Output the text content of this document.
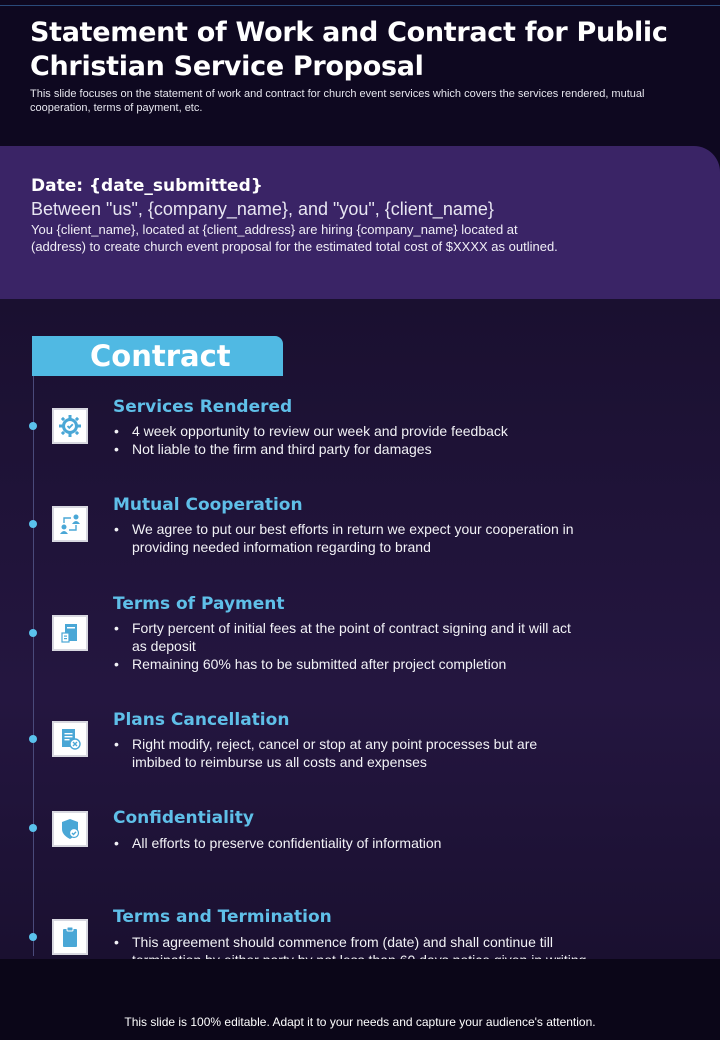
Statement of Work and Contract for Public Christian Service Proposal

This slide focuses on the statement of work and contract for church event services which covers the services rendered, mutual cooperation, terms of payment, etc.

Date: {date_submitted}
Between "us", {company_name}, and "you", {client_name}

You {client_name}, located at {client_address} are hiring {company_name} located at (address) to create church event proposal for the estimated total cost of $XXXX as outlined.

Contract
Services Rendered
• 4 week opportunity to review our week and provide feedback
• Not liable to the firm and third party for damages
Mutual Cooperation
• We agree to put our best efforts in return we expect your cooperation in providing needed information regarding to brand
Terms of Payment
• Forty percent of initial fees at the point of contract signing and it will act as deposit
• Remaining 60% has to be submitted after project completion
Plans Cancellation
• Right modify, reject, cancel or stop at any point processes but are imbibed to reimburse us all costs and expenses
Confidentiality
• All efforts to preserve confidentiality of information
Terms and Termination
• This agreement should commence from (date) and shall continue till
This slide is 100% editable. Adapt it to your needs and capture your audience's attention.
